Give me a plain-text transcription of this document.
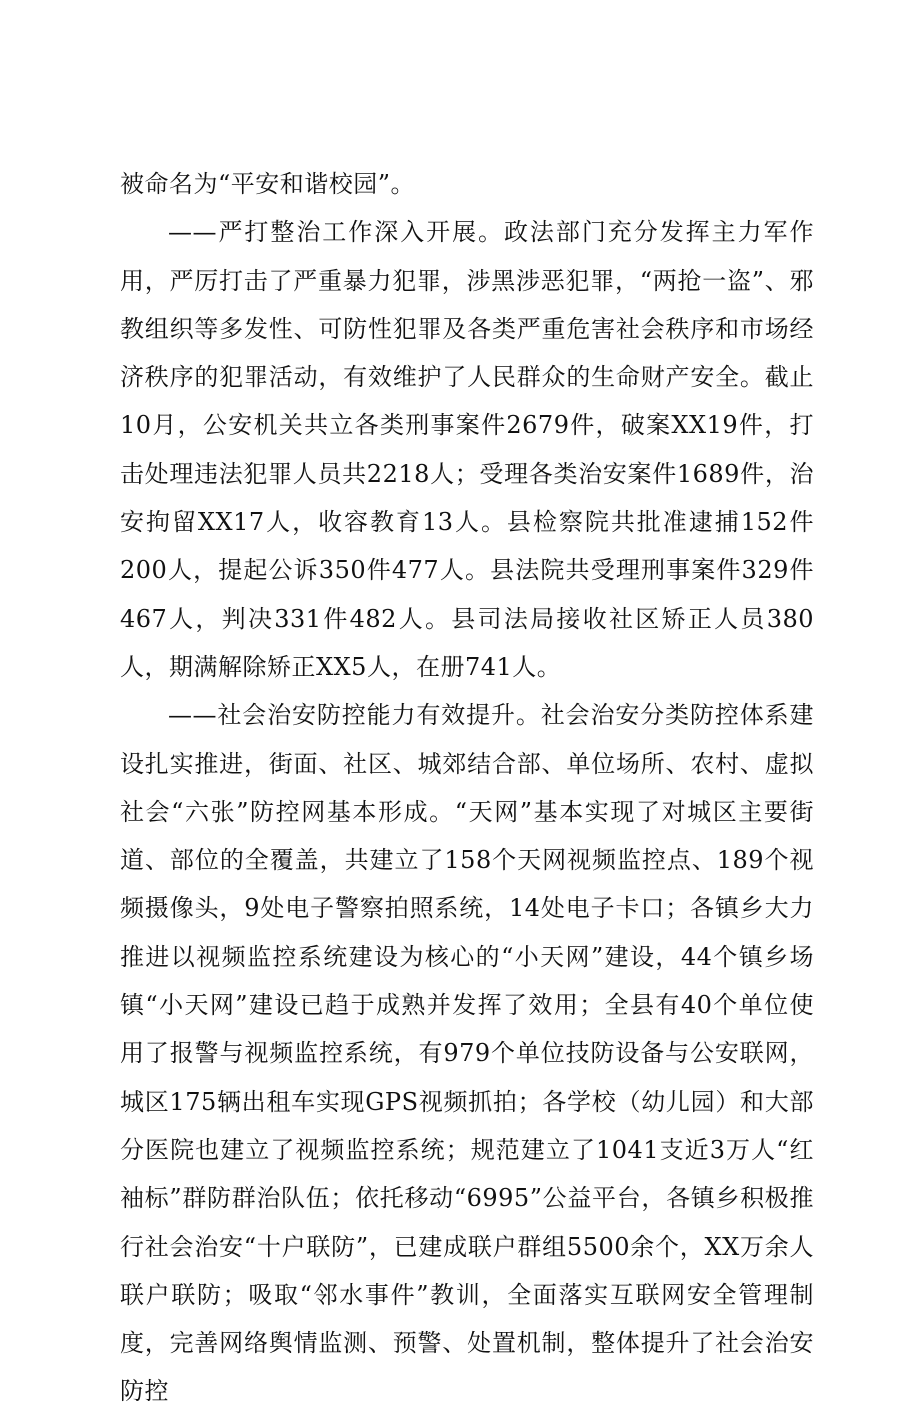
被命名为“平安和谐校园”。

——严打整治工作深入开展。政法部门充分发挥主力军作用，严厉打击了严重暴力犯罪，涉黑涉恶犯罪，“两抢一盗”、邪教组织等多发性、可防性犯罪及各类严重危害社会秩序和市场经济秩序的犯罪活动，有效维护了人民群众的生命财产安全。截止10月，公安机关共立各类刑事案件2679件，破案XX19件，打击处理违法犯罪人员共2218人；受理各类治安案件1689件，治安拘留XX17人，收容教育13人。县检察院共批准逮捕152件200人，提起公诉350件477人。县法院共受理刑事案件329件467人，判决331件482人。县司法局接收社区矫正人员380人，期满解除矫正XX5人，在册741人。

——社会治安防控能力有效提升。社会治安分类防控体系建设扎实推进，街面、社区、城郊结合部、单位场所、农村、虚拟社会“六张”防控网基本形成。“天网”基本实现了对城区主要街道、部位的全覆盖，共建立了158个天网视频监控点、189个视频摄像头，9处电子警察拍照系统，14处电子卡口；各镇乡大力推进以视频监控系统建设为核心的“小天网”建设，44个镇乡场镇“小天网”建设已趋于成熟并发挥了效用；全县有40个单位使用了报警与视频监控系统，有979个单位技防设备与公安联网，城区175辆出租车实现GPS视频抓拍；各学校（幼儿园）和大部分医院也建立了视频监控系统；规范建立了1041支近3万人“红袖标”群防群治队伍；依托移动“6995”公益平台，各镇乡积极推行社会治安“十户联防”，已建成联户群组5500余个，XX万余人联户联防；吸取“邻水事件”教训，全面落实互联网安全管理制度，完善网络舆情监测、预警、处置机制，整体提升了社会治安防控
